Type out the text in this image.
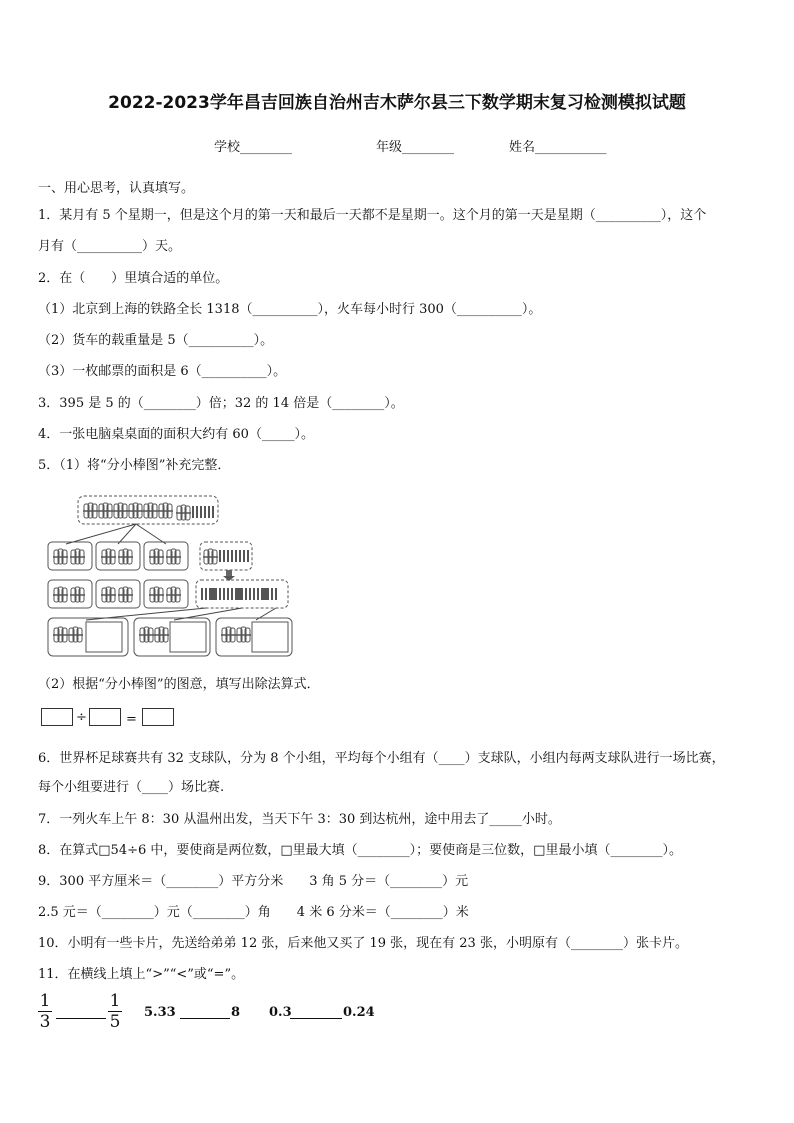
2022-2023学年昌吉回族自治州吉木萨尔县三下数学期末复习检测模拟试题
学校________	年级________	姓名___________
一、用心思考，认真填写。
1．某月有 5 个星期一，但是这个月的第一天和最后一天都不是星期一。这个月的第一天是星期（__________），这个
月有（__________）天。
2．在（　　）里填合适的单位。
（1）北京到上海的铁路全长 1318（__________），火车每小时行 300（__________）。
（2）货车的载重量是 5（__________）。
（3）一枚邮票的面积是 6（__________）。
3．395 是 5 的（________）倍；32 的 14 倍是（________）。
4．一张电脑桌桌面的面积大约有 60（_____）。
5．（1）将“分小棒图”补充完整．
（2）根据“分小棒图”的图意，填写出除法算式．
÷	=
6．世界杯足球赛共有 32 支球队，分为 8 个小组，平均每个小组有（____）支球队，小组内每两支球队进行一场比赛，
每个小组要进行（____）场比赛.
7．一列火车上午 8：30 从温州出发，当天下午 3：30 到达杭州，途中用去了_____小时。
8．在算式□54÷6 中，要使商是两位数，□里最大填（________）；要使商是三位数，□里最小填（________）。
9．300 平方厘米＝（________）平方分米　　3 角 5 分＝（________）元
2.5 元＝（________）元（________）角　　4 米 6 分米＝（________）米
10．小明有一些卡片，先送给弟弟 12 张，后来他又买了 19 张，现在有 23 张，小明原有（________）张卡片。
11．在横线上填上“>”“<”或“=”。
1
3
1
5 5.33	8 0.3	0.24
